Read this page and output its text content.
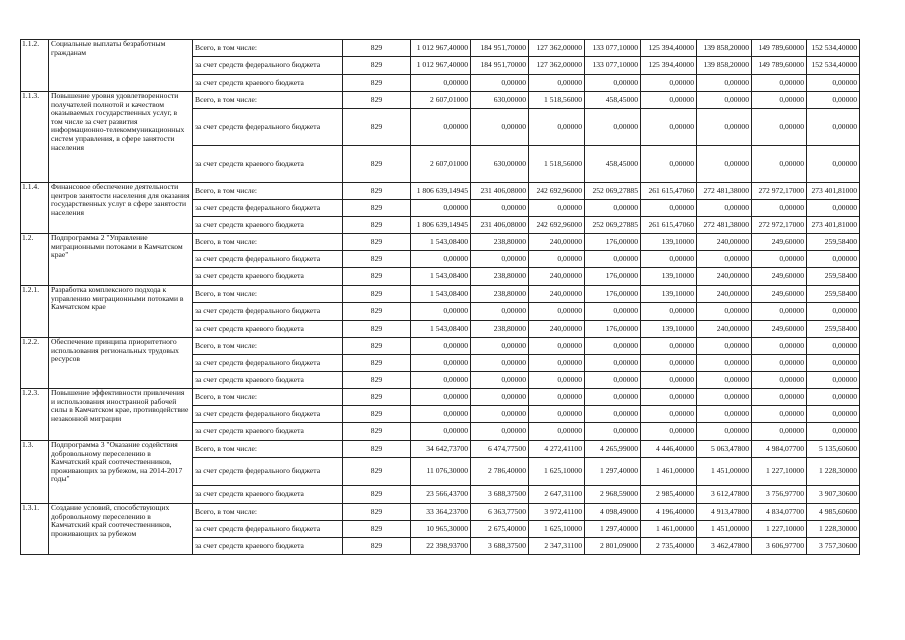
1.1.2.	Социальные выплаты безработным гражданам	Всего, в том числе:	829	1 012 967,40000	184 951,70000	127 362,00000	133 077,10000	125 394,40000	139 858,20000	149 789,60000	152 534,40000
		за счет средств федерального бюджета	829	1 012 967,40000	184 951,70000	127 362,00000	133 077,10000	125 394,40000	139 858,20000	149 789,60000	152 534,40000
		за счет средств краевого бюджета	829	0,00000	0,00000	0,00000	0,00000	0,00000	0,00000	0,00000	0,00000
1.1.3.	Повышение уровня удовлетворенности получателей полнотой и качеством оказываемых государственных услуг, в том числе за счет развития информационно-телекоммуникационных систем управления, в сфере занятости населения	Всего, в том числе:	829	2 607,01000	630,00000	1 518,56000	458,45000	0,00000	0,00000	0,00000	0,00000
		за счет средств федерального бюджета	829	0,00000	0,00000	0,00000	0,00000	0,00000	0,00000	0,00000	0,00000
		за счет средств краевого бюджета	829	2 607,01000	630,00000	1 518,56000	458,45000	0,00000	0,00000	0,00000	0,00000
1.1.4.	Финансовое обеспечение деятельности центров занятости населения для оказания государственных услуг в сфере занятости населения	Всего, в том числе:	829	1 806 639,14945	231 406,08000	242 692,96000	252 069,27885	261 615,47060	272 481,38000	272 972,17000	273 401,81000
		за счет средств федерального бюджета	829	0,00000	0,00000	0,00000	0,00000	0,00000	0,00000	0,00000	0,00000
		за счет средств краевого бюджета	829	1 806 639,14945	231 406,08000	242 692,96000	252 069,27885	261 615,47060	272 481,38000	272 972,17000	273 401,81000
1.2.	Подпрограмма 2 "Управление миграционными потоками в Камчатском крае"	Всего, в том числе:	829	1 543,08400	238,80000	240,00000	176,00000	139,10000	240,00000	249,60000	259,58400
		за счет средств федерального бюджета	829	0,00000	0,00000	0,00000	0,00000	0,00000	0,00000	0,00000	0,00000
		за счет средств краевого бюджета	829	1 543,08400	238,80000	240,00000	176,00000	139,10000	240,00000	249,60000	259,58400
1.2.1.	Разработка комплексного подхода к управлению миграционными потоками в Камчатском крае	Всего, в том числе:	829	1 543,08400	238,80000	240,00000	176,00000	139,10000	240,00000	249,60000	259,58400
		за счет средств федерального бюджета	829	0,00000	0,00000	0,00000	0,00000	0,00000	0,00000	0,00000	0,00000
		за счет средств краевого бюджета	829	1 543,08400	238,80000	240,00000	176,00000	139,10000	240,00000	249,60000	259,58400
1.2.2.	Обеспечение принципа приоритетного использования региональных трудовых ресурсов	Всего, в том числе:	829	0,00000	0,00000	0,00000	0,00000	0,00000	0,00000	0,00000	0,00000
		за счет средств федерального бюджета	829	0,00000	0,00000	0,00000	0,00000	0,00000	0,00000	0,00000	0,00000
		за счет средств краевого бюджета	829	0,00000	0,00000	0,00000	0,00000	0,00000	0,00000	0,00000	0,00000
1.2.3.	Повышение эффективности привлечения и использования иностранной рабочей силы в Камчатском крае, противодействие незаконной миграции	Всего, в том числе:	829	0,00000	0,00000	0,00000	0,00000	0,00000	0,00000	0,00000	0,00000
		за счет средств федерального бюджета	829	0,00000	0,00000	0,00000	0,00000	0,00000	0,00000	0,00000	0,00000
		за счет средств краевого бюджета	829	0,00000	0,00000	0,00000	0,00000	0,00000	0,00000	0,00000	0,00000
1.3.	Подпрограмма 3 "Оказание содействия добровольному переселению в Камчатский край соотечественников, проживающих за рубежом, на 2014-2017 годы"	Всего, в том числе:	829	34 642,73700	6 474,77500	4 272,41100	4 265,99000	4 446,40000	5 063,47800	4 984,07700	5 135,60600
		за счет средств федерального бюджета	829	11 076,30000	2 786,40000	1 625,10000	1 297,40000	1 461,00000	1 451,00000	1 227,10000	1 228,30000
		за счет средств краевого бюджета	829	23 566,43700	3 688,37500	2 647,31100	2 968,59000	2 985,40000	3 612,47800	3 756,97700	3 907,30600
1.3.1.	Создание условий, способствующих добровольному переселению в Камчатский край соотечественников, проживающих за рубежом	Всего, в том числе:	829	33 364,23700	6 363,77500	3 972,41100	4 098,49000	4 196,40000	4 913,47800	4 834,07700	4 985,60600
		за счет средств федерального бюджета	829	10 965,30000	2 675,40000	1 625,10000	1 297,40000	1 461,00000	1 451,00000	1 227,10000	1 228,30000
		за счет средств краевого бюджета	829	22 398,93700	3 688,37500	2 347,31100	2 801,09000	2 735,40000	3 462,47800	3 606,97700	3 757,30600
